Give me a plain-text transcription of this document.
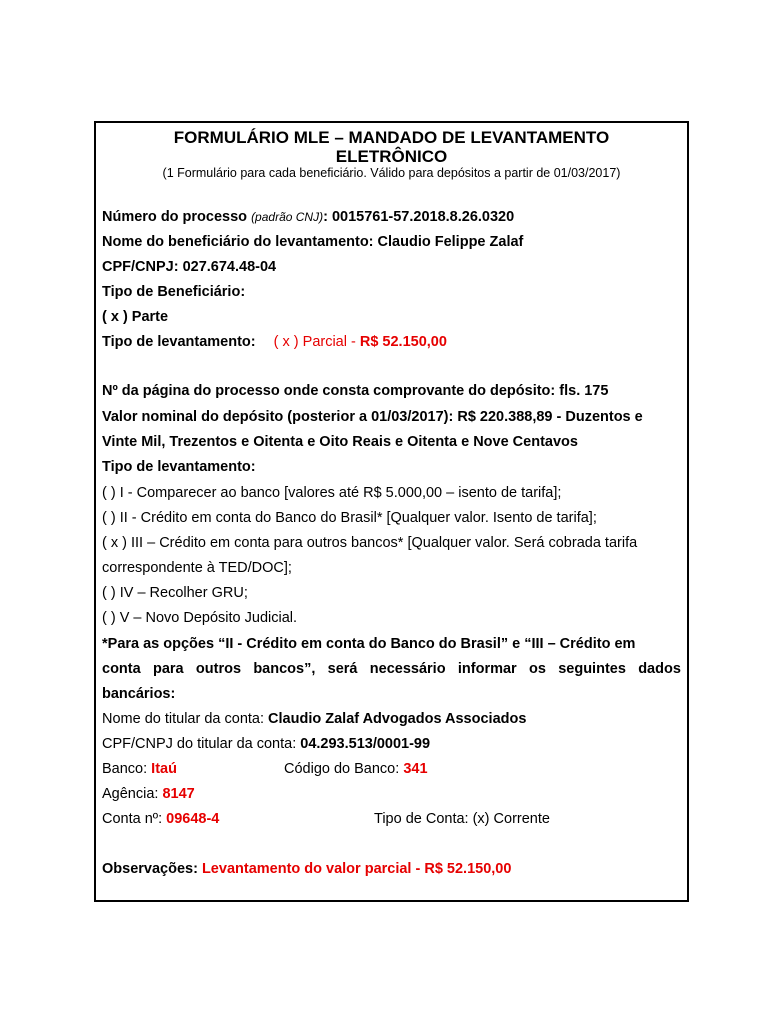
FORMULÁRIO MLE – MANDADO DE LEVANTAMENTO
ELETRÔNICO
(1 Formulário para cada beneficiário. Válido para depósitos a partir de 01/03/2017)
Número do processo (padrão CNJ): 0015761-57.2018.8.26.0320
Nome do beneficiário do levantamento: Claudio Felippe Zalaf
CPF/CNPJ: 027.674.48-04
Tipo de Beneficiário:
( x ) Parte
Tipo de levantamento: ( x ) Parcial - R$ 52.150,00
Nº da página do processo onde consta comprovante do depósito: fls. 175
Valor nominal do depósito (posterior a 01/03/2017): R$ 220.388,89 - Duzentos e
Vinte Mil, Trezentos e Oitenta e Oito Reais e Oitenta e Nove Centavos
Tipo de levantamento:
( ) I - Comparecer ao banco [valores até R$ 5.000,00 – isento de tarifa];
( ) II - Crédito em conta do Banco do Brasil* [Qualquer valor. Isento de tarifa];
( x ) III – Crédito em conta para outros bancos* [Qualquer valor. Será cobrada tarifa
correspondente à TED/DOC];
( ) IV – Recolher GRU;
( ) V – Novo Depósito Judicial.
*Para as opções “II - Crédito em conta do Banco do Brasil” e “III – Crédito em
conta para outros bancos”, será necessário informar os seguintes dados
bancários:
Nome do titular da conta: Claudio Zalaf Advogados Associados
CPF/CNPJ do titular da conta: 04.293.513/0001-99
Banco: Itaú	Código do Banco: 341
Agência: 8147
Conta nº: 09648-4	Tipo de Conta: (x) Corrente
Observações: Levantamento do valor parcial - R$ 52.150,00
